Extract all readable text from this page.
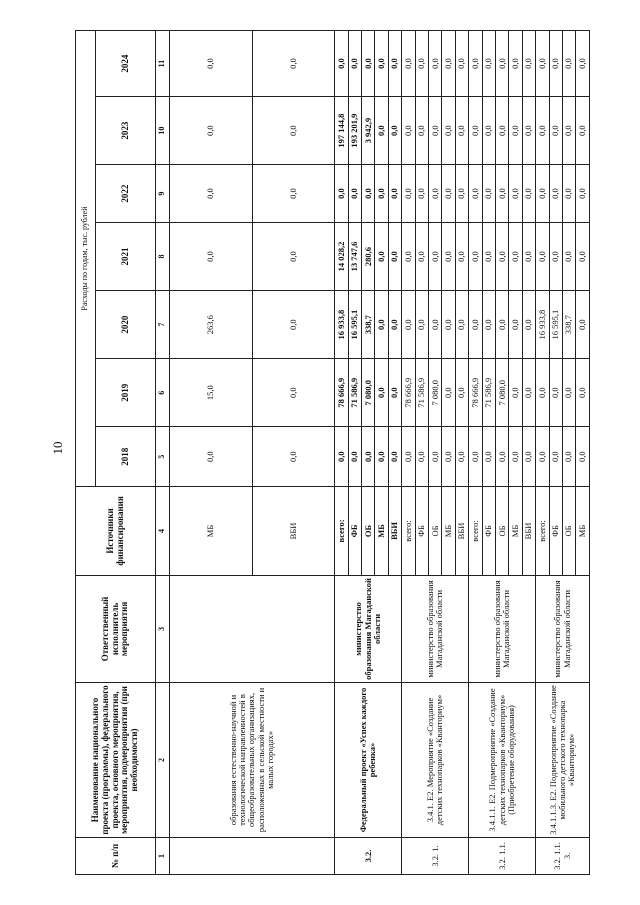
10
№ п/п	Наименование национального проекта (программы), федерального проекта, основного мероприятия, мероприятия, подмероприятия (при необходимости)	Ответственный исполнитель мероприятия	Источники финансирования	Расходы по годам, тыс. рублей						
				2018	2019	2020	2021	2022	2023	2024
1	2	3	4	5	6	7	8	9	10	11
	образования естественно-научной и технологической направленностей в общеобразовательных организациях, расположенных в сельской местности и малых городах»		МБ	0,0	15,0	263,6	0,0	0,0	0,0	0,0
			ВБИ	0,0	0,0	0,0	0,0	0,0	0,0	0,0
3.2.	Федеральный проект «Успех каждого ребенка»	министерство образования Магаданской области	всего:	0,0	78 666,9	16 933,8	14 028,2	0,0	197 144,8	0,0
			ФБ	0,0	71 586,9	16 595,1	13 747,6	0,0	193 201,9	0,0
			ОБ	0,0	7 080,0	338,7	280,6	0,0	3 942,9	0,0
			МБ	0,0	0,0	0,0	0,0	0,0	0,0	0,0
			ВБИ	0,0	0,0	0,0	0,0	0,0	0,0	0,0
3.2. 1.	3.4.1. Е2. Мероприятие «Создание детских технопарков «Кванториум»	министерство образования Магаданской области	всего:	0,0	78 666,9	0,0	0,0	0,0	0,0	0,0
			ФБ	0,0	71 586,9	0,0	0,0	0,0	0,0	0,0
			ОБ	0,0	7 080,0	0,0	0,0	0,0	0,0	0,0
			МБ	0,0	0,0	0,0	0,0	0,0	0,0	0,0
			ВБИ	0,0	0,0	0,0	0,0	0,0	0,0	0,0
3.2. 1.1.	3.4.1.1. Е2. Подмероприятие «Создание детских технопарков «Кванториум» (Приобретение оборудования)	министерство образования Магаданской области	всего:	0,0	78 666,9	0,0	0,0	0,0	0,0	0,0
			ФБ	0,0	71 586,9	0,0	0,0	0,0	0,0	0,0
			ОБ	0,0	7 080,0	0,0	0,0	0,0	0,0	0,0
			МБ	0,0	0,0	0,0	0,0	0,0	0,0	0,0
			ВБИ	0,0	0,0	0,0	0,0	0,0	0,0	0,0
3.2. 1.1. 3.	3.4.1.1.3. Е2. Подмероприятие «Создание мобильного детского технопарка «Кванториум»	министерство образования Магаданской области	всего:	0,0	0,0	16 933,8	0,0	0,0	0,0	0,0
			ФБ	0,0	0,0	16 595,1	0,0	0,0	0,0	0,0
			ОБ	0,0	0,0	338,7	0,0	0,0	0,0	0,0
			МБ	0,0	0,0	0,0	0,0	0,0	0,0	0,0
